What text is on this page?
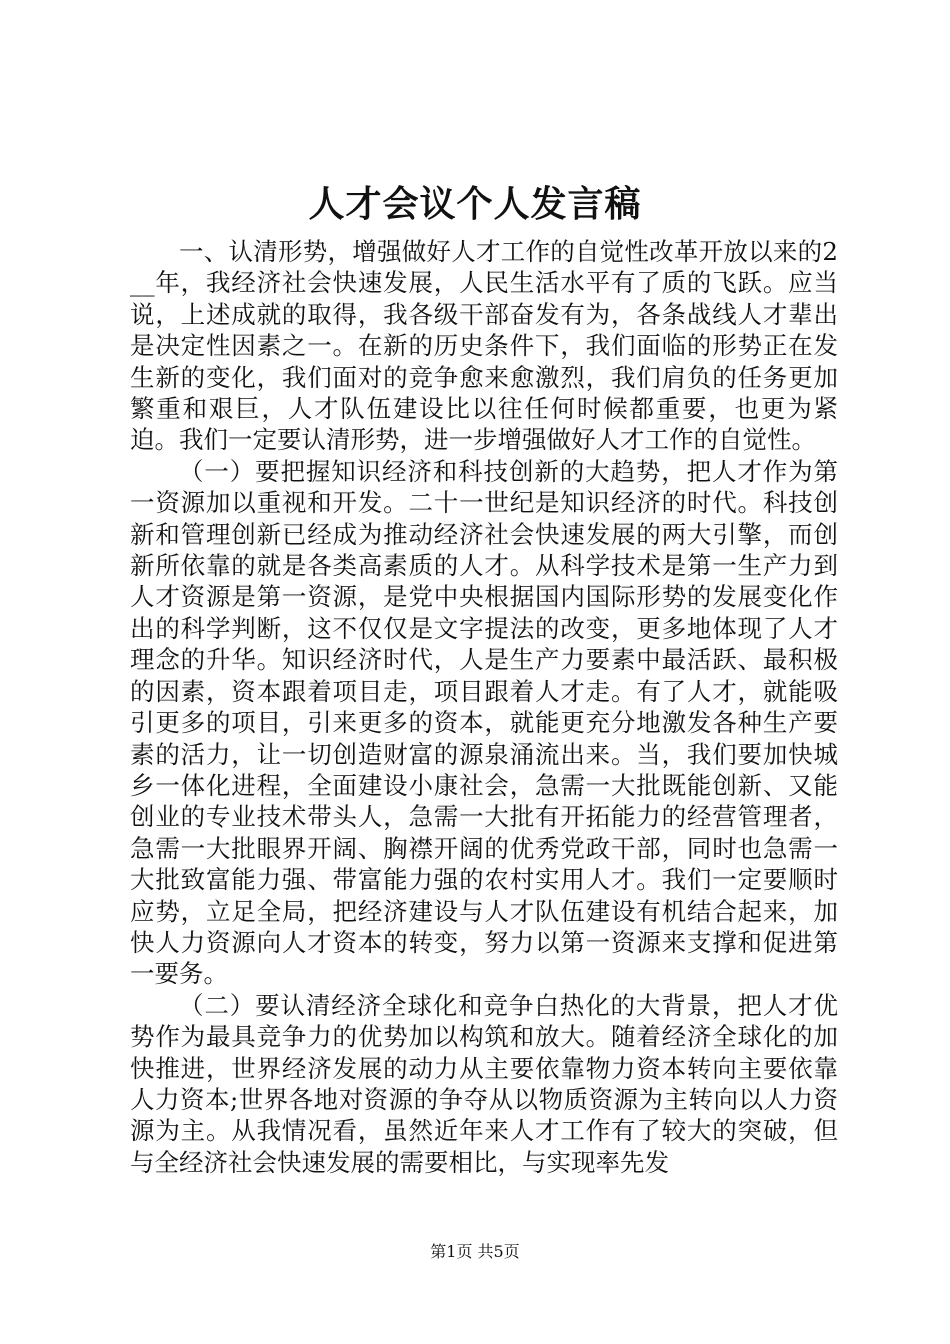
人才会议个人发言稿

一、认清形势，增强做好人才工作的自觉性改革开放以来的2__年，我经济社会快速发展，人民生活水平有了质的飞跃。应当说，上述成就的取得，我各级干部奋发有为，各条战线人才辈出是决定性因素之一。在新的历史条件下，我们面临的形势正在发生新的变化，我们面对的竞争愈来愈激烈，我们肩负的任务更加繁重和艰巨，人才队伍建设比以往任何时候都重要，也更为紧迫。我们一定要认清形势，进一步增强做好人才工作的自觉性。

（一）要把握知识经济和科技创新的大趋势，把人才作为第一资源加以重视和开发。二十一世纪是知识经济的时代。科技创新和管理创新已经成为推动经济社会快速发展的两大引擎，而创新所依靠的就是各类高素质的人才。从科学技术是第一生产力到人才资源是第一资源，是党中央根据国内国际形势的发展变化作出的科学判断，这不仅仅是文字提法的改变，更多地体现了人才理念的升华。知识经济时代，人是生产力要素中最活跃、最积极的因素，资本跟着项目走，项目跟着人才走。有了人才，就能吸引更多的项目，引来更多的资本，就能更充分地激发各种生产要素的活力，让一切创造财富的源泉涌流出来。当，我们要加快城乡一体化进程，全面建设小康社会，急需一大批既能创新、又能创业的专业技术带头人，急需一大批有开拓能力的经营管理者，急需一大批眼界开阔、胸襟开阔的优秀党政干部，同时也急需一大批致富能力强、带富能力强的农村实用人才。我们一定要顺时应势，立足全局，把经济建设与人才队伍建设有机结合起来，加快人力资源向人才资本的转变，努力以第一资源来支撑和促进第一要务。

（二）要认清经济全球化和竞争白热化的大背景，把人才优势作为最具竞争力的优势加以构筑和放大。随着经济全球化的加快推进，世界经济发展的动力从主要依靠物力资本转向主要依靠人力资本;世界各地对资源的争夺从以物质资源为主转向以人力资源为主。从我情况看，虽然近年来人才工作有了较大的突破，但与全经济社会快速发展的需要相比，与实现率先发

第1页 共5页
